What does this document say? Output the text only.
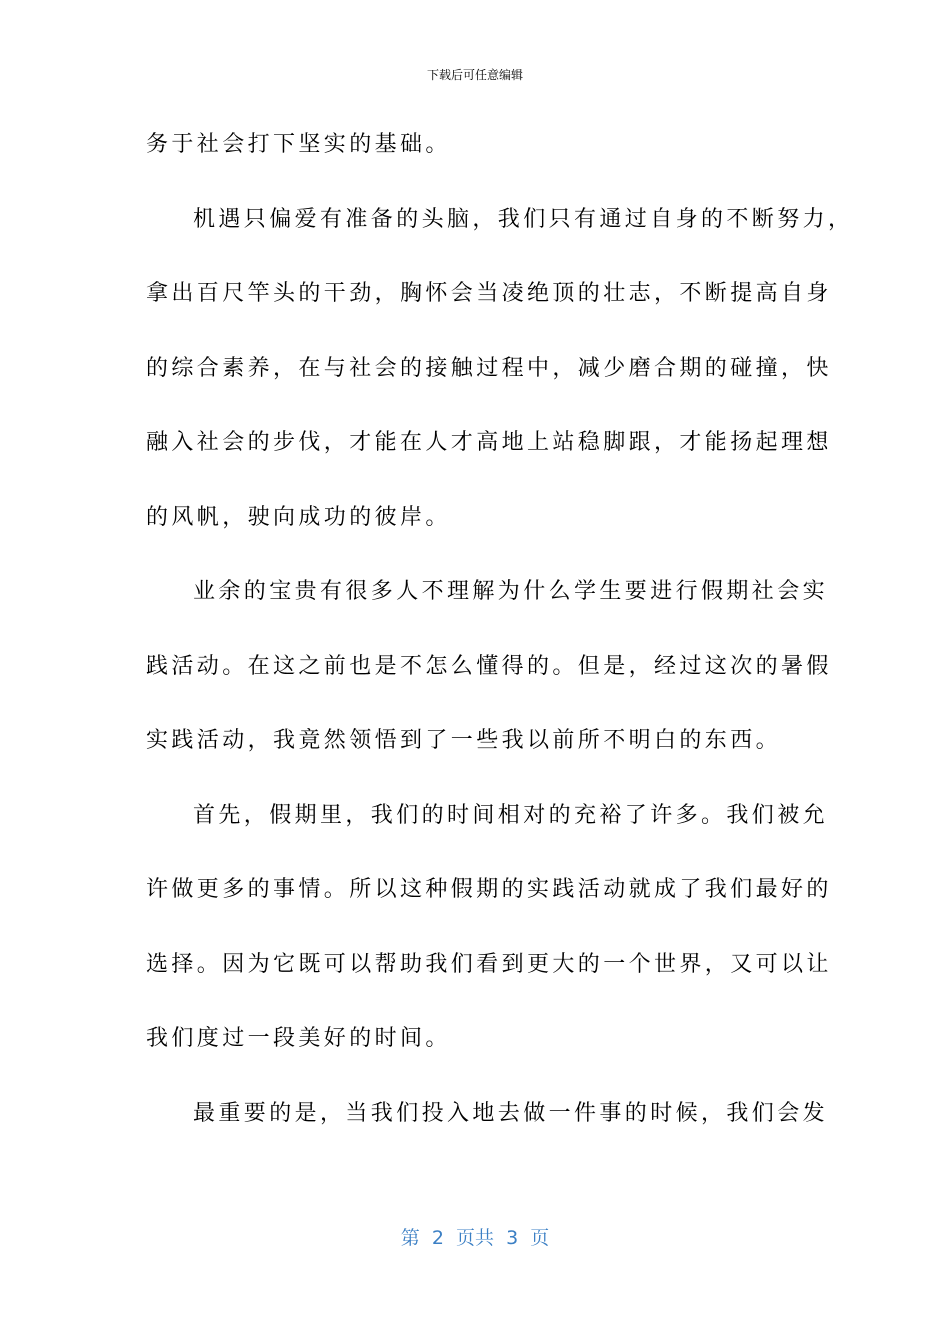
下载后可任意编辑
务于社会打下坚实的基础。
机遇只偏爱有准备的头脑，我们只有通过自身的不断努力，
拿出百尺竿头的干劲，胸怀会当凌绝顶的壮志，不断提高自身
的综合素养，在与社会的接触过程中，减少磨合期的碰撞，快
融入社会的步伐，才能在人才高地上站稳脚跟，才能扬起理想
的风帆，驶向成功的彼岸。
业余的宝贵有很多人不理解为什么学生要进行假期社会实
践活动。在这之前也是不怎么懂得的。但是，经过这次的暑假
实践活动，我竟然领悟到了一些我以前所不明白的东西。
首先，假期里，我们的时间相对的充裕了许多。我们被允
许做更多的事情。所以这种假期的实践活动就成了我们最好的
选择。因为它既可以帮助我们看到更大的一个世界，又可以让
我们度过一段美好的时间。
最重要的是，当我们投入地去做一件事的时候，我们会发
第  2  页共  3  页
